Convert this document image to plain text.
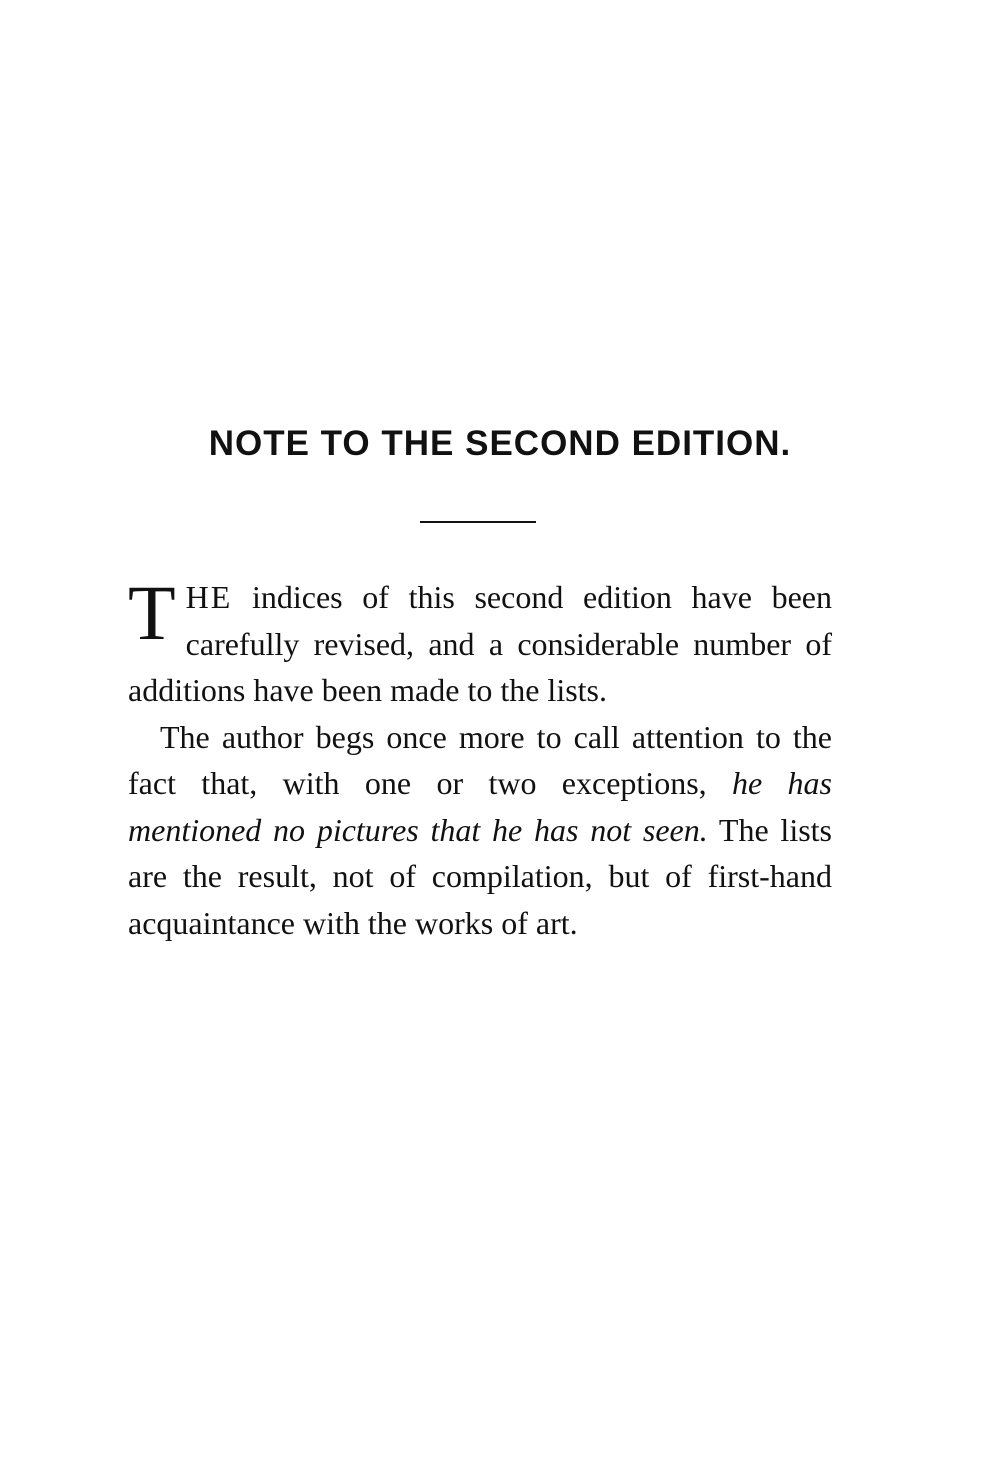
NOTE TO THE SECOND EDITION.

THE indices of this second edition have been carefully revised, and a considerable number of additions have been made to the lists.

The author begs once more to call attention to the fact that, with one or two exceptions, he has mentioned no pictures that he has not seen. The lists are the result, not of compilation, but of first-hand acquaintance with the works of art.
